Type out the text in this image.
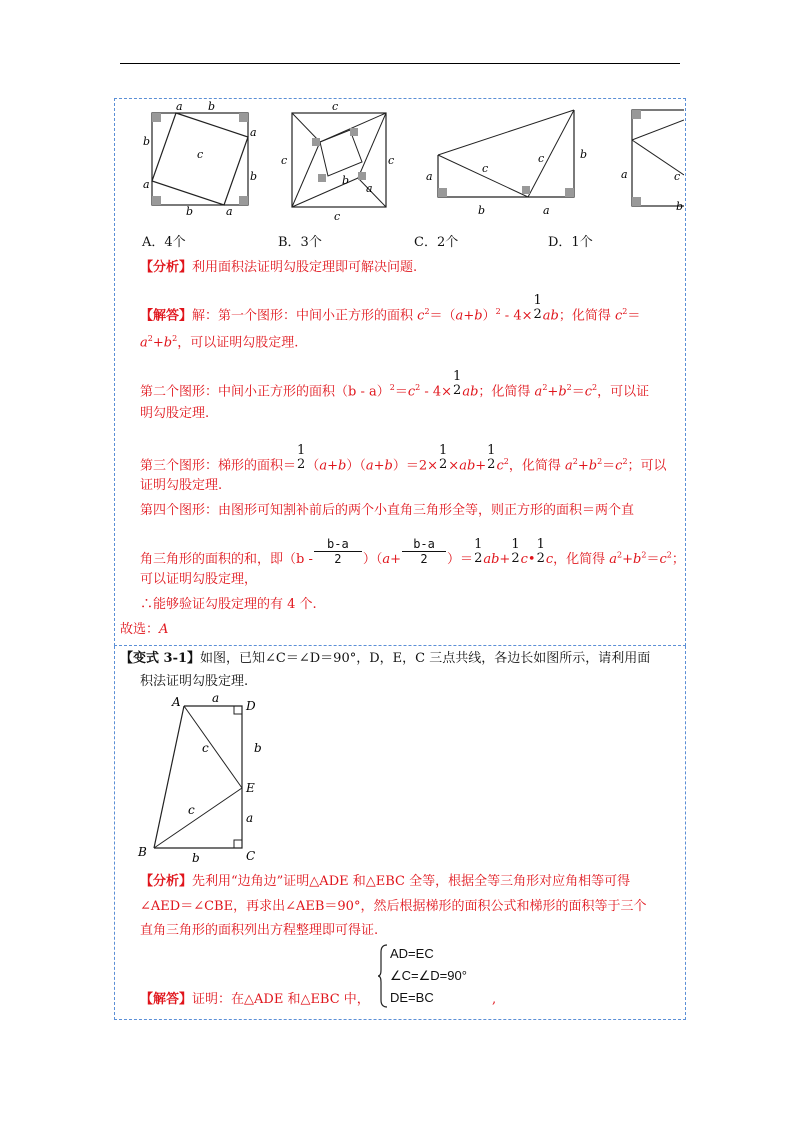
a b
b
a
a
b
b	a
c
c
c	c
c
b
a
a
b	a
b
c
c
a	c
b
A．4个	B．3个	C．2个	D．1个
【分析】利用面积法证明勾股定理即可解决问题.
【解答】解：第一个图形：中间小正方形的面积 $c^2=(a+b)^2 - 4\times$
1
2 ab；化简得 $c^2=$
$a^2+b^2$，可以证明勾股定理.
第二个图形：中间小正方形的面积$(b - a)^2=c^2 - 4\times$
1
2 ab；化简得 $a^2+b^2=c^2$，可以证
明勾股定理.
第三个图形：梯形的面积＝
1
2 （a+b）（a+b）＝2×
1
2 ×ab+
1
2 $c^2$，化简得 $a^2+b^2=c^2$；可以
证明勾股定理.
第四个图形：由图形可知割补前后的两个小直角三角形全等，则正方形的面积＝两个直
角三角形的面积的和，即$(b - \frac{b-a}{2} )(a+ \frac{b-a}{2}$ ）＝
1
2 ab+
1
2 c•
1
2 c，化简得 $a^2+b^2=c^2$；
可以证明勾股定理，
∴能够验证勾股定理的有 4 个.
故选：A
【变式 3-1】如图，已知∠C＝∠D＝90°，D，E，C 三点共线，各边长如图所示，请利用面
积法证明勾股定理.
A	D
E
C
B
a
b
a
b
c
c
【分析】先利用“边角边”证明△ADE 和△EBC 全等，根据全等三角形对应角相等可得
∠AED＝∠CBE，再求出∠AEB＝90°，然后根据梯形的面积公式和梯形的面积等于三个
直角三角形的面积列出方程整理即可得证.
【解答】证明：在△ADE 和△EBC 中，
AD=EC
∠C=∠D=90°
DE=BC	,
